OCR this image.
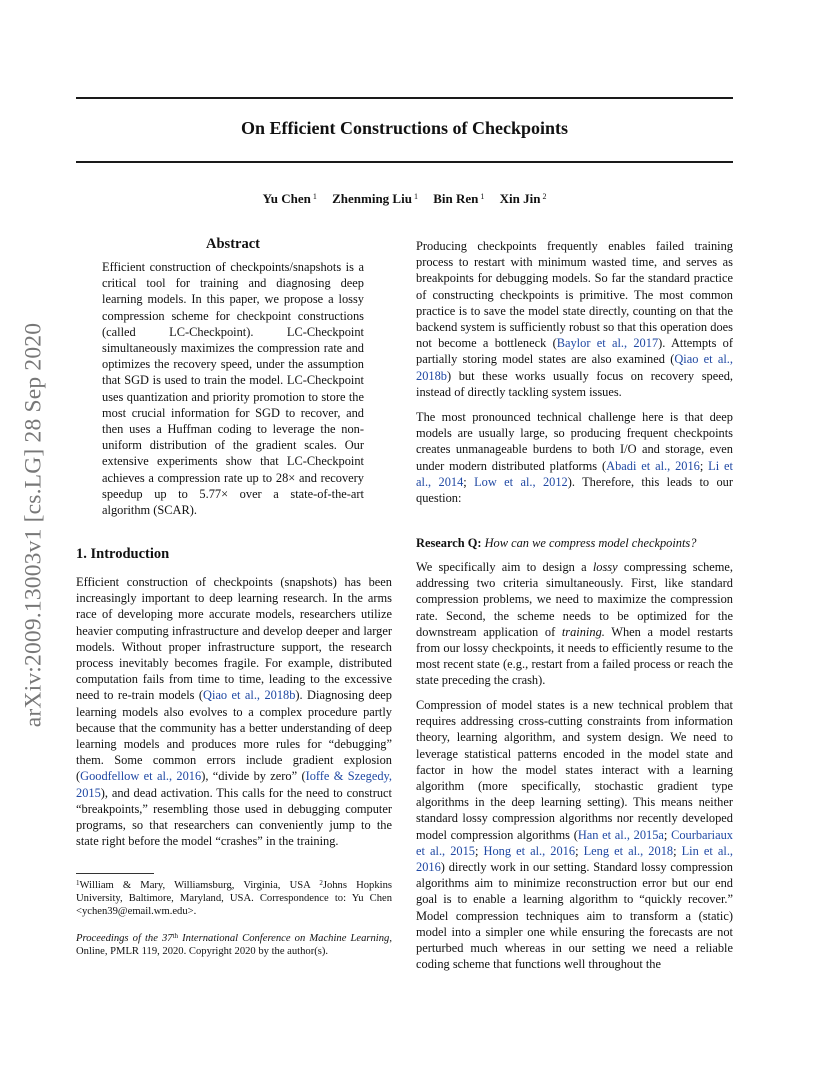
On Efficient Constructions of Checkpoints
Yu Chen $^1$ Zhenming Liu $^1$ Bin Ren $^1$ Xin Jin $^2$
arXiv:2009.13003v1 [cs.LG] 28 Sep 2020
Abstract

Efficient construction of checkpoints/snapshots is a critical tool for training and diagnosing deep learning models. In this paper, we propose a lossy compression scheme for checkpoint constructions (called LC-Checkpoint). LC-Checkpoint simultaneously maximizes the compression rate and optimizes the recovery speed, under the assumption that SGD is used to train the model. LC-Checkpoint uses quantization and priority promotion to store the most crucial information for SGD to recover, and then uses a Huffman coding to leverage the non-uniform distribution of the gradient scales. Our extensive experiments show that LC-Checkpoint achieves a compression rate up to 28× and recovery speedup up to 5.77× over a state-of-the-art algorithm (SCAR).

1. Introduction

Efficient construction of checkpoints (snapshots) has been increasingly important to deep learning research. In the arms race of developing more accurate models, researchers utilize heavier computing infrastructure and develop deeper and larger models. Without proper infrastructure support, the research process inevitably becomes fragile. For example, distributed computation fails from time to time, leading to the excessive need to re-train models (Qiao et al., 2018b). Diagnosing deep learning models also evolves to a complex procedure partly because that the community has a better understanding of deep learning models and produces more rules for “debugging” them. Some common errors include gradient explosion (Goodfellow et al., 2016), “divide by zero” (Ioffe & Szegedy, 2015), and dead activation. This calls for the need to construct “breakpoints,” resembling those used in debugging computer programs, so that researchers can conveniently jump to the state right before the model “crashes” in the training.

$^1$William & Mary, Williamsburg, Virginia, USA $^2$Johns Hopkins University, Baltimore, Maryland, USA. Correspondence to: Yu Chen <ychen39@email.wm.edu>.

Proceedings of the 37th International Conference on Machine Learning, Online, PMLR 119, 2020. Copyright 2020 by the author(s).

Producing checkpoints frequently enables failed training process to restart with minimum wasted time, and serves as breakpoints for debugging models. So far the standard practice of constructing checkpoints is primitive. The most common practice is to save the model state directly, counting on that the backend system is sufficiently robust so that this operation does not become a bottleneck (Baylor et al., 2017). Attempts of partially storing model states are also examined (Qiao et al., 2018b) but these works usually focus on recovery speed, instead of directly tackling system issues.

The most pronounced technical challenge here is that deep models are usually large, so producing frequent checkpoints creates unmanageable burdens to both I/O and storage, even under modern distributed platforms (Abadi et al., 2016; Li et al., 2014; Low et al., 2012). Therefore, this leads to our question:

Research Q: How can we compress model checkpoints?

We specifically aim to design a lossy compressing scheme, addressing two criteria simultaneously. First, like standard compression problems, we need to maximize the compression rate. Second, the scheme needs to be optimized for the downstream application of training. When a model restarts from our lossy checkpoints, it needs to efficiently resume to the most recent state (e.g., restart from a failed process or reach the state preceding the crash).

Compression of model states is a new technical problem that requires addressing cross-cutting constraints from information theory, learning algorithm, and system design. We need to leverage statistical patterns encoded in the model state and factor in how the model states interact with a learning algorithm (more specifically, stochastic gradient type algorithms in the deep learning setting). This means neither standard lossy compression algorithms nor recently developed model compression algorithms (Han et al., 2015a; Courbariaux et al., 2015; Hong et al., 2016; Leng et al., 2018; Lin et al., 2016) directly work in our setting. Standard lossy compression algorithms aim to minimize reconstruction error but our end goal is to enable a learning algorithm to “quickly recover.” Model compression techniques aim to transform a (static) model into a simpler one while ensuring the forecasts are not perturbed much whereas in our setting we need a reliable coding scheme that functions well throughout the
